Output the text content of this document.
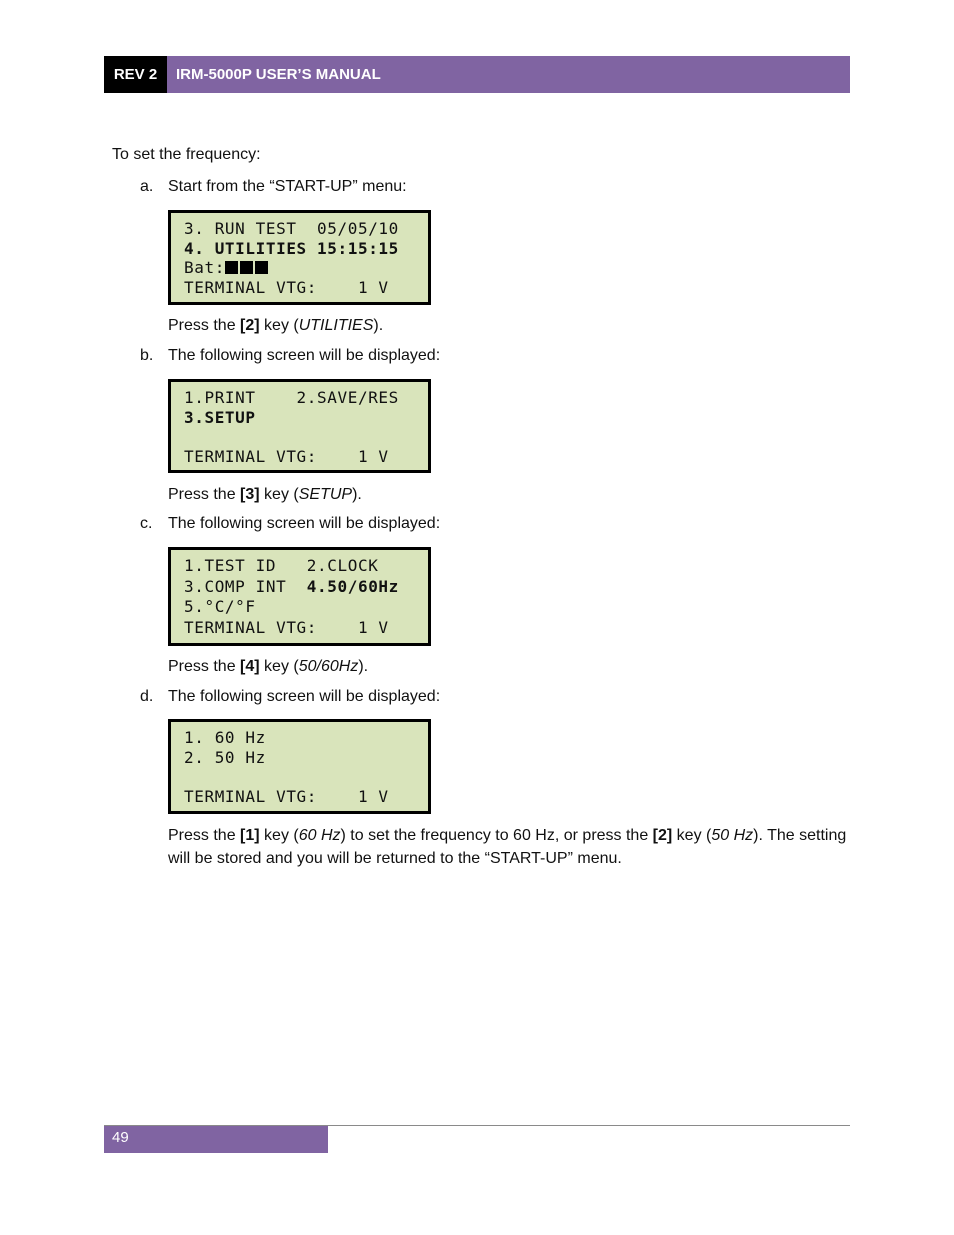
REV 2	IRM-5000P USER’S MANUAL
To set the frequency:
a. Start from the “START-UP” menu:
3. RUN TEST  05/05/10
4. UTILITIES 15:15:15
Bat:
TERMINAL VTG:    1 V
Press the [2] key (UTILITIES).
b. The following screen will be displayed:
1.PRINT    2.SAVE/RES
3.SETUP
TERMINAL VTG:    1 V
Press the [3] key (SETUP).
c. The following screen will be displayed:
1.TEST ID   2.CLOCK
3.COMP INT  4.50/60Hz
5.°C/°F
TERMINAL VTG:    1 V
Press the [4] key (50/60Hz).
d. The following screen will be displayed:
1. 60 Hz
2. 50 Hz
TERMINAL VTG:    1 V
Press the [1] key (60 Hz) to set the frequency to 60 Hz, or press the [2] key (50 Hz). The setting will be stored and you will be returned to the “START-UP” menu.
49
